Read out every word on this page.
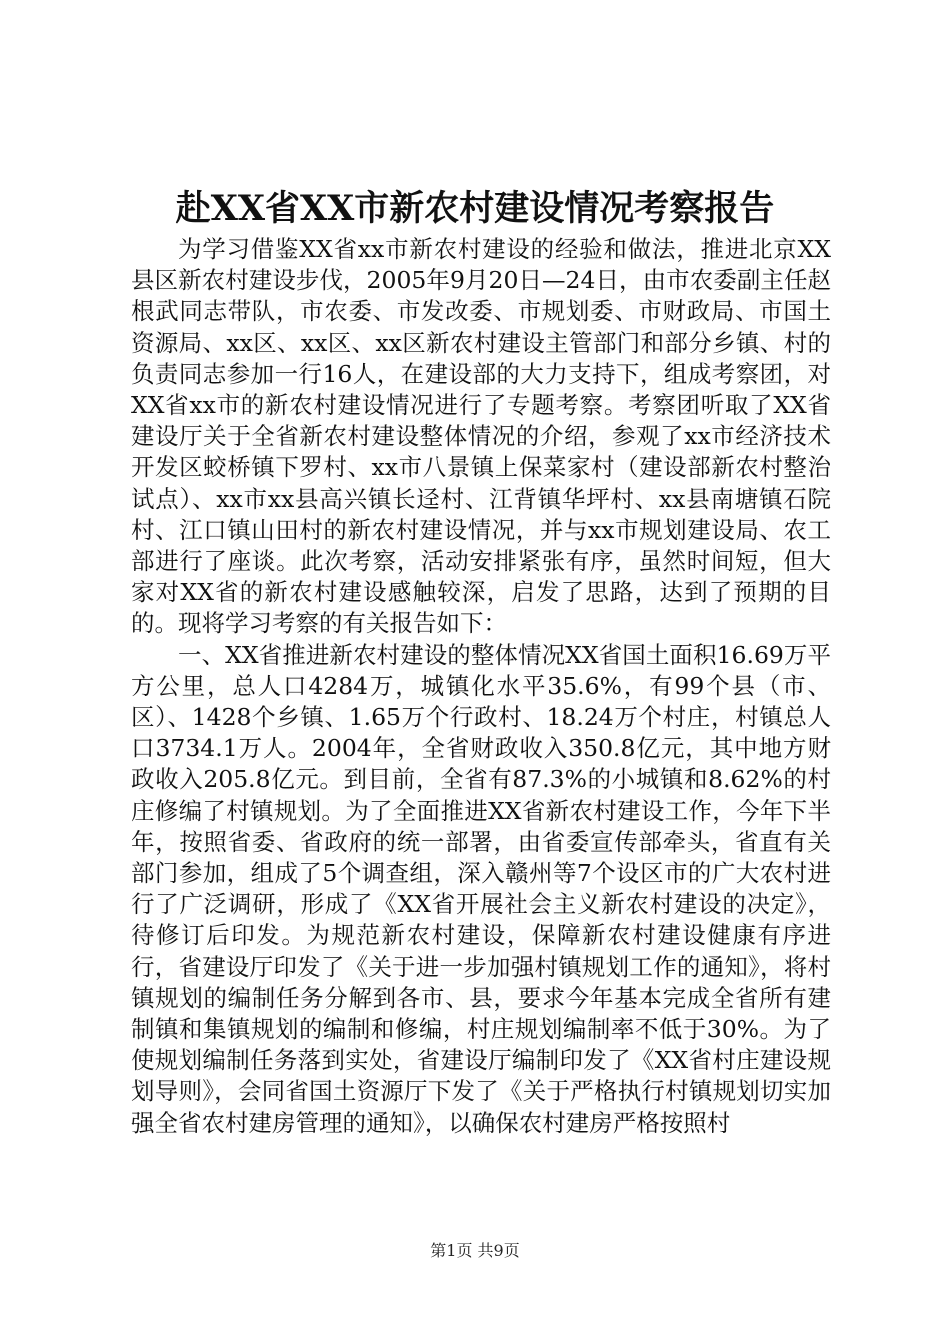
赴XX省XX市新农村建设情况考察报告

为学习借鉴XX省xx市新农村建设的经验和做法，推进北京XX县区新农村建设步伐，2005年9月20日—24日，由市农委副主任赵根武同志带队，市农委、市发改委、市规划委、市财政局、市国土资源局、xx区、xx区、xx区新农村建设主管部门和部分乡镇、村的负责同志参加一行16人，在建设部的大力支持下，组成考察团，对XX省xx市的新农村建设情况进行了专题考察。考察团听取了XX省建设厅关于全省新农村建设整体情况的介绍，参观了xx市经济技术开发区蛟桥镇下罗村、xx市八景镇上保菜家村（建设部新农村整治试点）、xx市xx县高兴镇长迳村、江背镇华坪村、xx县南塘镇石院村、江口镇山田村的新农村建设情况，并与xx市规划建设局、农工部进行了座谈。此次考察，活动安排紧张有序，虽然时间短，但大家对XX省的新农村建设感触较深，启发了思路，达到了预期的目的。现将学习考察的有关报告如下：

一、XX省推进新农村建设的整体情况XX省国土面积16.69万平方公里，总人口4284万，城镇化水平35.6%，有99个县（市、区）、1428个乡镇、1.65万个行政村、18.24万个村庄，村镇总人口3734.1万人。2004年，全省财政收入350.8亿元，其中地方财政收入205.8亿元。到目前，全省有87.3%的小城镇和8.62%的村庄修编了村镇规划。为了全面推进XX省新农村建设工作，今年下半年，按照省委、省政府的统一部署，由省委宣传部牵头，省直有关部门参加，组成了5个调查组，深入赣州等7个设区市的广大农村进行了广泛调研，形成了《XX省开展社会主义新农村建设的决定》，待修订后印发。为规范新农村建设，保障新农村建设健康有序进行，省建设厅印发了《关于进一步加强村镇规划工作的通知》，将村镇规划的编制任务分解到各市、县，要求今年基本完成全省所有建制镇和集镇规划的编制和修编，村庄规划编制率不低于30%。为了使规划编制任务落到实处，省建设厅编制印发了《XX省村庄建设规划导则》，会同省国土资源厅下发了《关于严格执行村镇规划切实加强全省农村建房管理的通知》，以确保农村建房严格按照村

第1页 共9页
